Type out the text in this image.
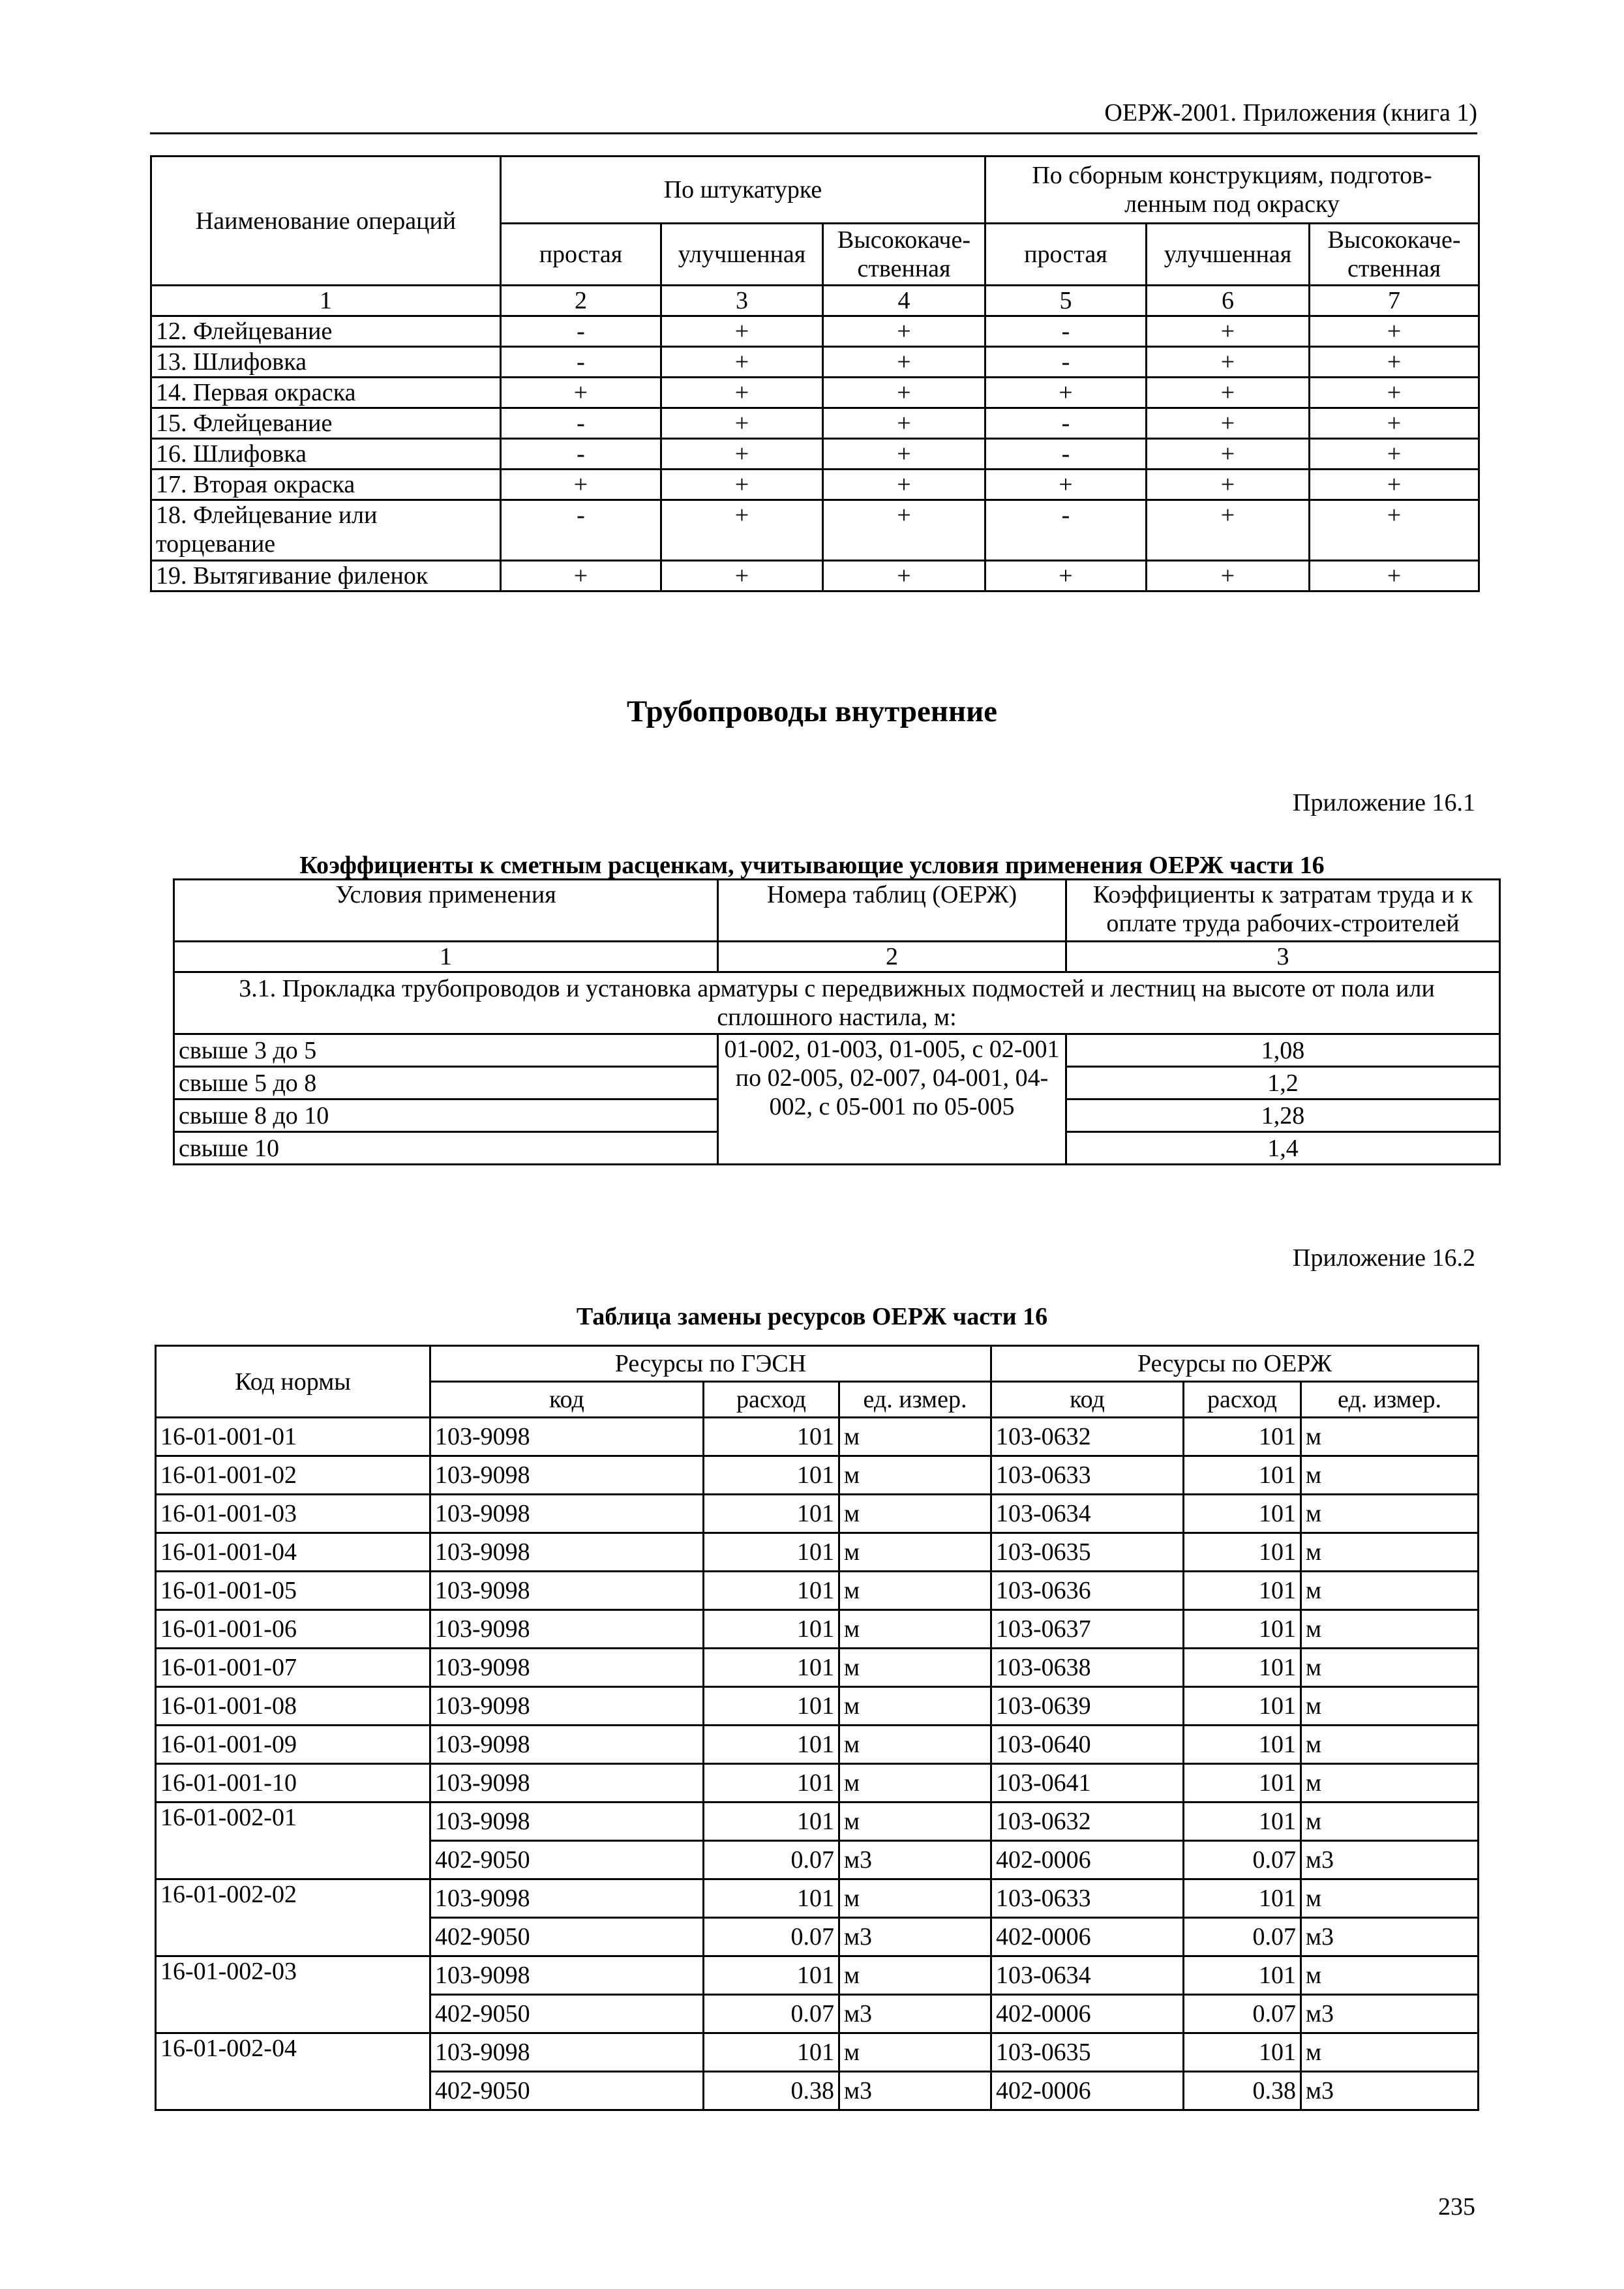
ОЕРЖ-2001. Приложения (книга 1)
Наименование операций	По штукатурке			По сборным конструкциям, подготов- ленным под окраску		
	простая	улучшенная	Высококаче- ственная	простая	улучшенная	Высококаче- ственная
1	2	3	4	5	6	7
12. Флейцевание	-	+	+	-	+	+
13. Шлифовка	-	+	+	-	+	+
14. Первая окраска	+	+	+	+	+	+
15. Флейцевание	-	+	+	-	+	+
16. Шлифовка	-	+	+	-	+	+
17. Вторая окраска	+	+	+	+	+	+
18. Флейцевание или торцевание	-	+	+	-	+	+
19. Вытягивание филенок	+	+	+	+	+	+
Трубопроводы внутренние
Приложение 16.1
Коэффициенты к сметным расценкам, учитывающие условия применения ОЕРЖ части 16
Условия применения	Номера таблиц (ОЕРЖ)	Коэффициенты к затратам труда и к оплате труда рабочих-строителей
1	2	3
3.1. Прокладка трубопроводов и установка арматуры с передвижных подмостей и лестниц на высоте от пола или сплошного настила, м:		
свыше 3 до 5	01-002, 01-003, 01-005, с 02-001 по 02-005, 02-007, 04-001, 04-002, с 05-001 по 05-005	1,08
свыше 5 до 8		1,2
свыше 8 до 10		1,28
свыше 10		1,4
Приложение 16.2
Таблица замены ресурсов ОЕРЖ части 16
Код нормы	Ресурсы по ГЭСН			Ресурсы по ОЕРЖ		
	код	расход	ед. измер.	код	расход	ед. измер.
16-01-001-01	103-9098	101	м	103-0632	101	м
16-01-001-02	103-9098	101	м	103-0633	101	м
16-01-001-03	103-9098	101	м	103-0634	101	м
16-01-001-04	103-9098	101	м	103-0635	101	м
16-01-001-05	103-9098	101	м	103-0636	101	м
16-01-001-06	103-9098	101	м	103-0637	101	м
16-01-001-07	103-9098	101	м	103-0638	101	м
16-01-001-08	103-9098	101	м	103-0639	101	м
16-01-001-09	103-9098	101	м	103-0640	101	м
16-01-001-10	103-9098	101	м	103-0641	101	м
16-01-002-01	103-9098	101	м	103-0632	101	м
	402-9050	0.07	м3	402-0006	0.07	м3
16-01-002-02	103-9098	101	м	103-0633	101	м
	402-9050	0.07	м3	402-0006	0.07	м3
16-01-002-03	103-9098	101	м	103-0634	101	м
	402-9050	0.07	м3	402-0006	0.07	м3
16-01-002-04	103-9098	101	м	103-0635	101	м
	402-9050	0.38	м3	402-0006	0.38	м3
235
